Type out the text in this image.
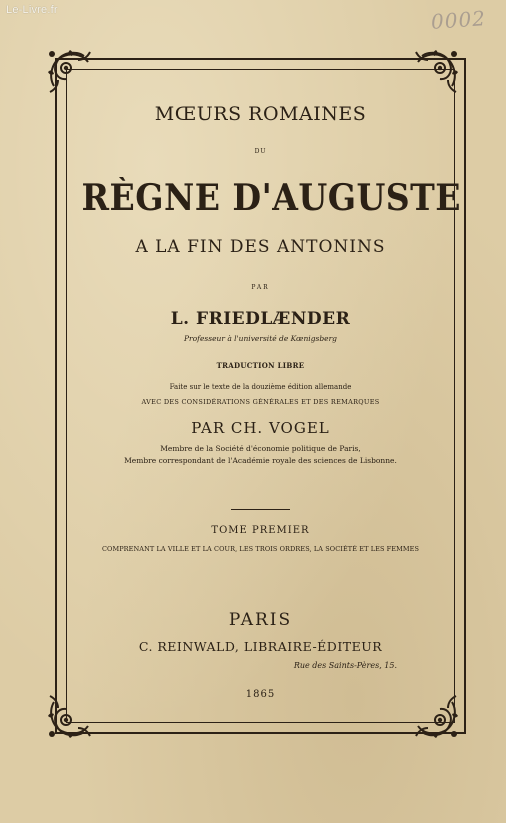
Le-Livre.fr	0002
MŒURS ROMAINES
DU
RÈGNE D'AUGUSTE
A LA FIN DES ANTONINS
PAR
L. FRIEDLÆNDER
Professeur à l'université de Kœnigsberg
TRADUCTION LIBRE
Faite sur le texte de la douzième édition allemande
AVEC DES CONSIDÉRATIONS GÉNÉRALES ET DES REMARQUES
PAR CH. VOGEL
Membre de la Société d'économie politique de Paris,
Membre correspondant de l'Académie royale des sciences de Lisbonne.
TOME PREMIER
COMPRENANT LA VILLE ET LA COUR, LES TROIS ORDRES, LA SOCIÉTÉ ET LES FEMMES
PARIS
C. REINWALD, LIBRAIRE-ÉDITEUR
Rue des Saints-Pères, 15.
1865
